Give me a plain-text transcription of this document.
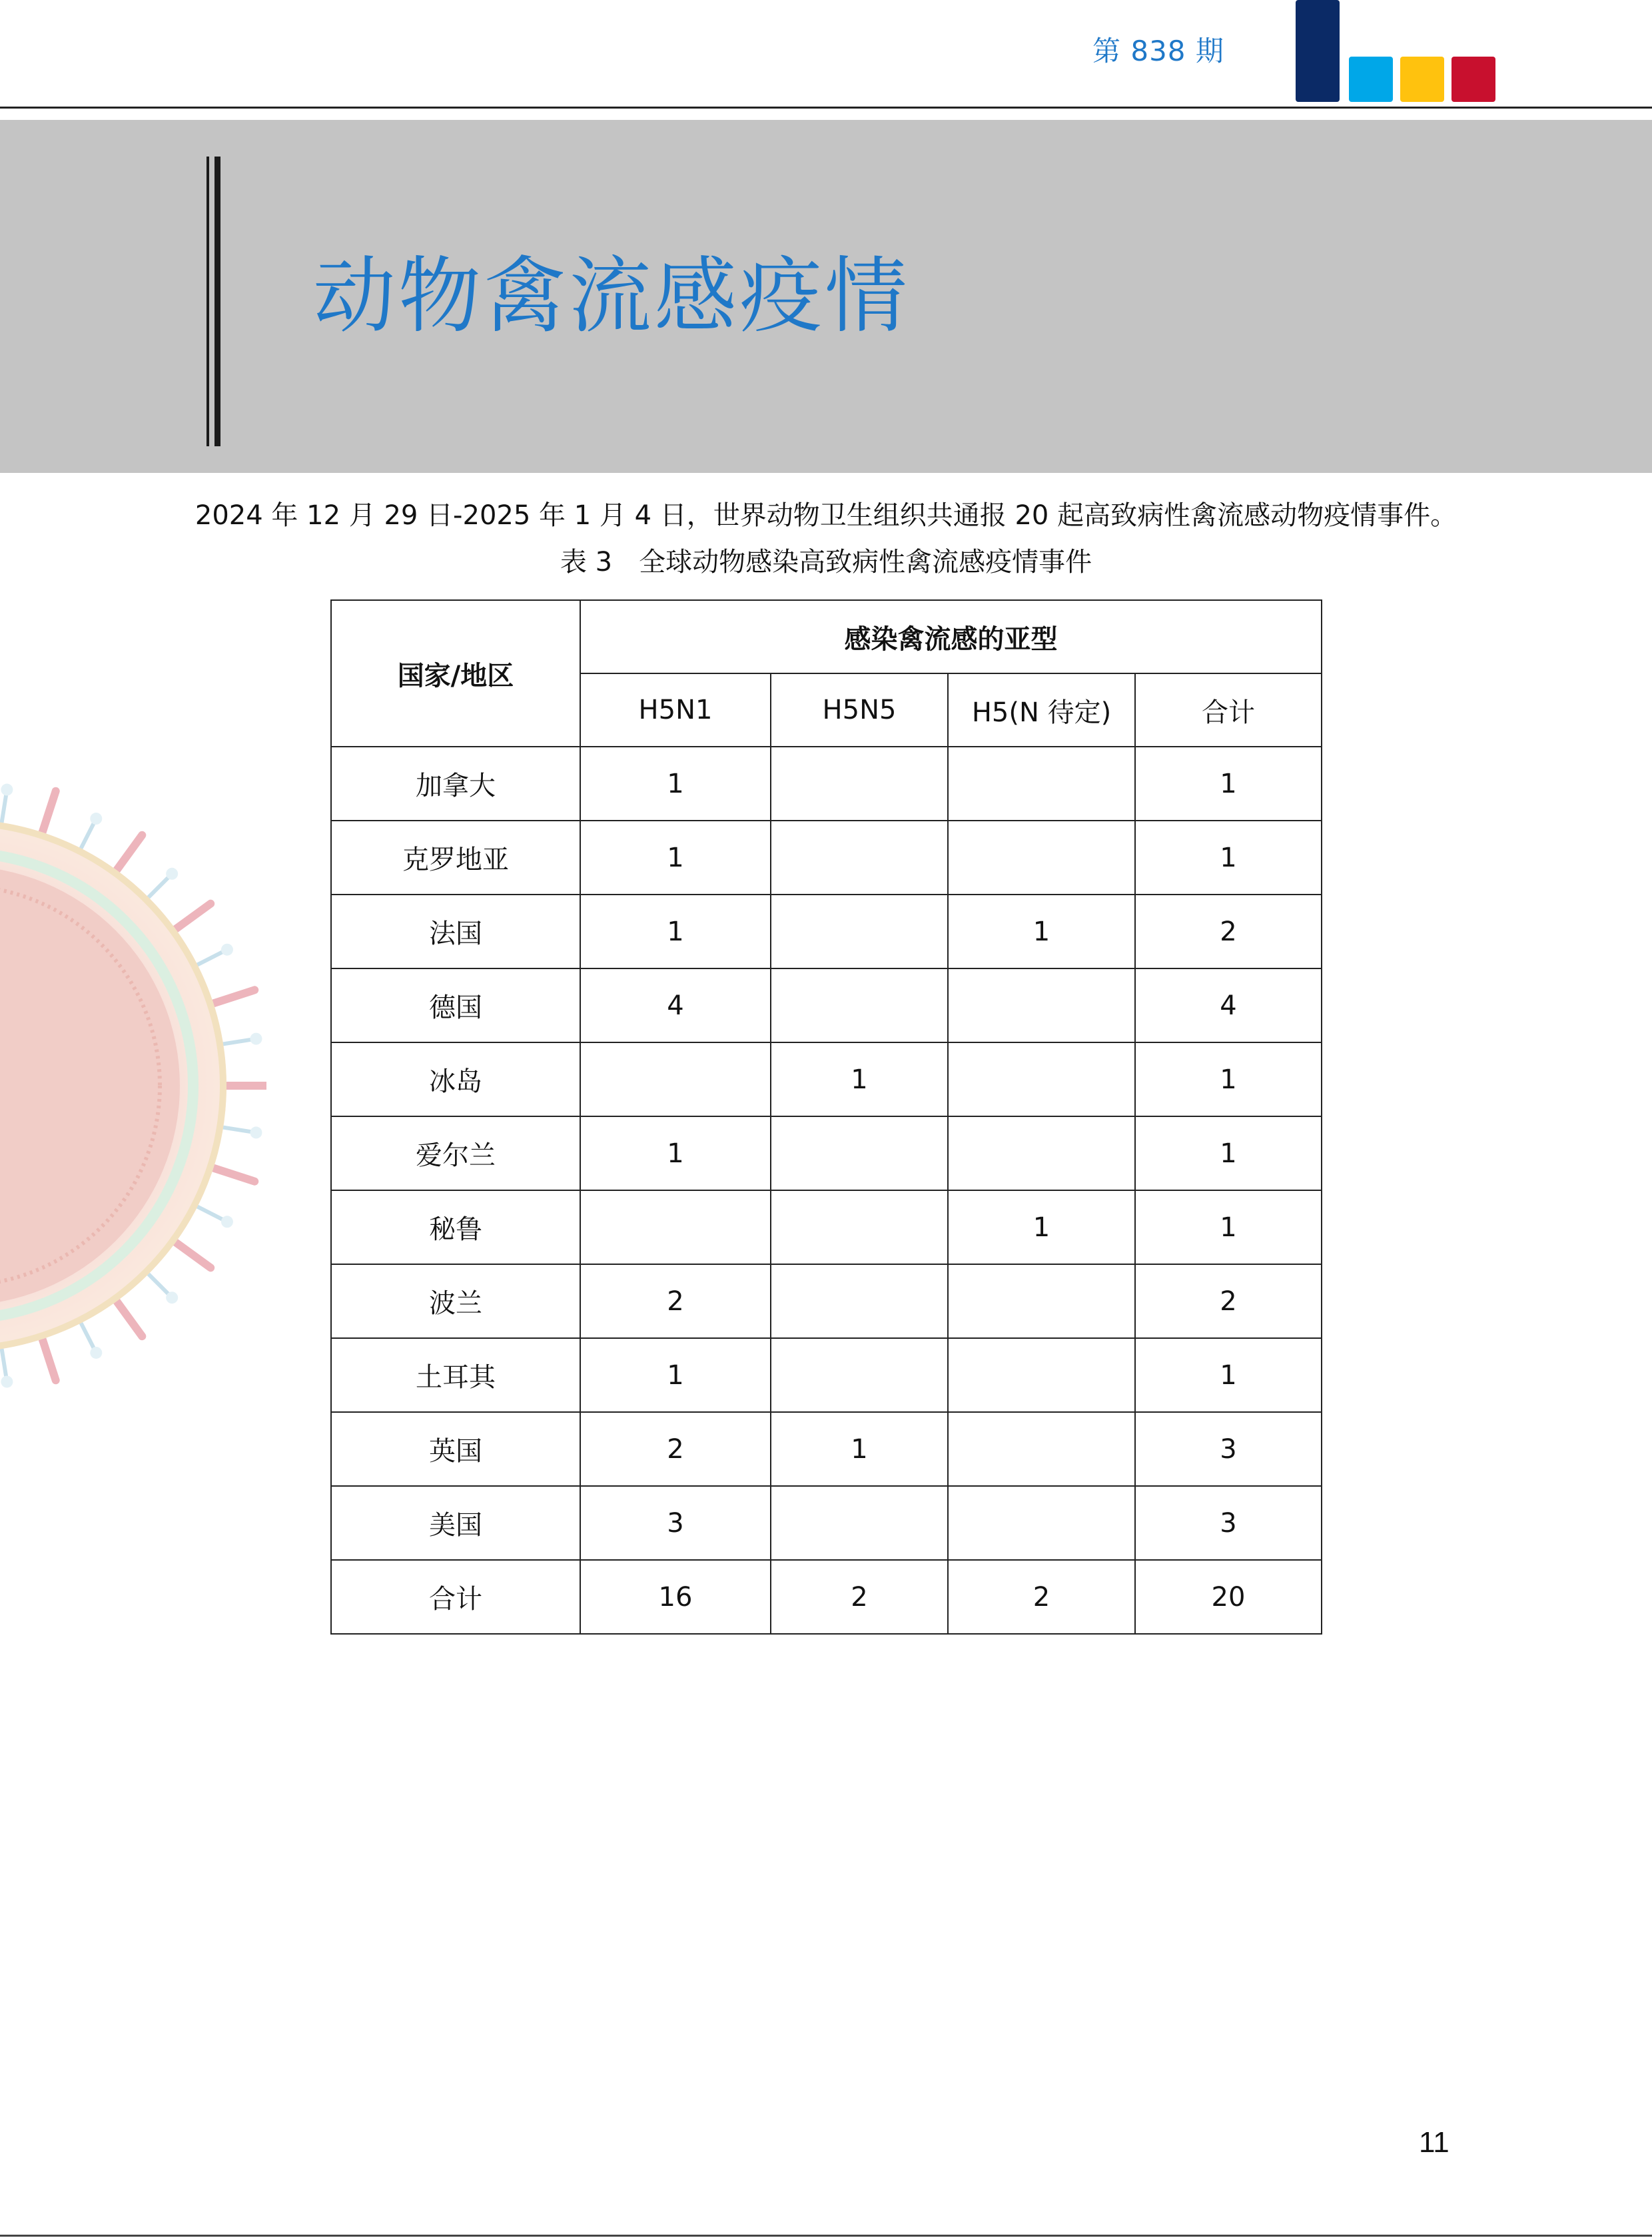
第 838 期
动物禽流感疫情
2024 年 12 月 29 日-2025 年 1 月 4 日，世界动物卫生组织共通报 20 起高致病性禽流感动物疫情事件。
表 3　全球动物感染高致病性禽流感疫情事件
国家/地区	感染禽流感的亚型			
	H5N1	H5N5	H5(N 待定)	合计
加拿大	1			1
克罗地亚	1			1
法国	1		1	2
德国	4			4
冰岛		1		1
爱尔兰	1			1
秘鲁			1	1
波兰	2			2
土耳其	1			1
英国	2	1		3
美国	3			3
合计	16	2	2	20
11
